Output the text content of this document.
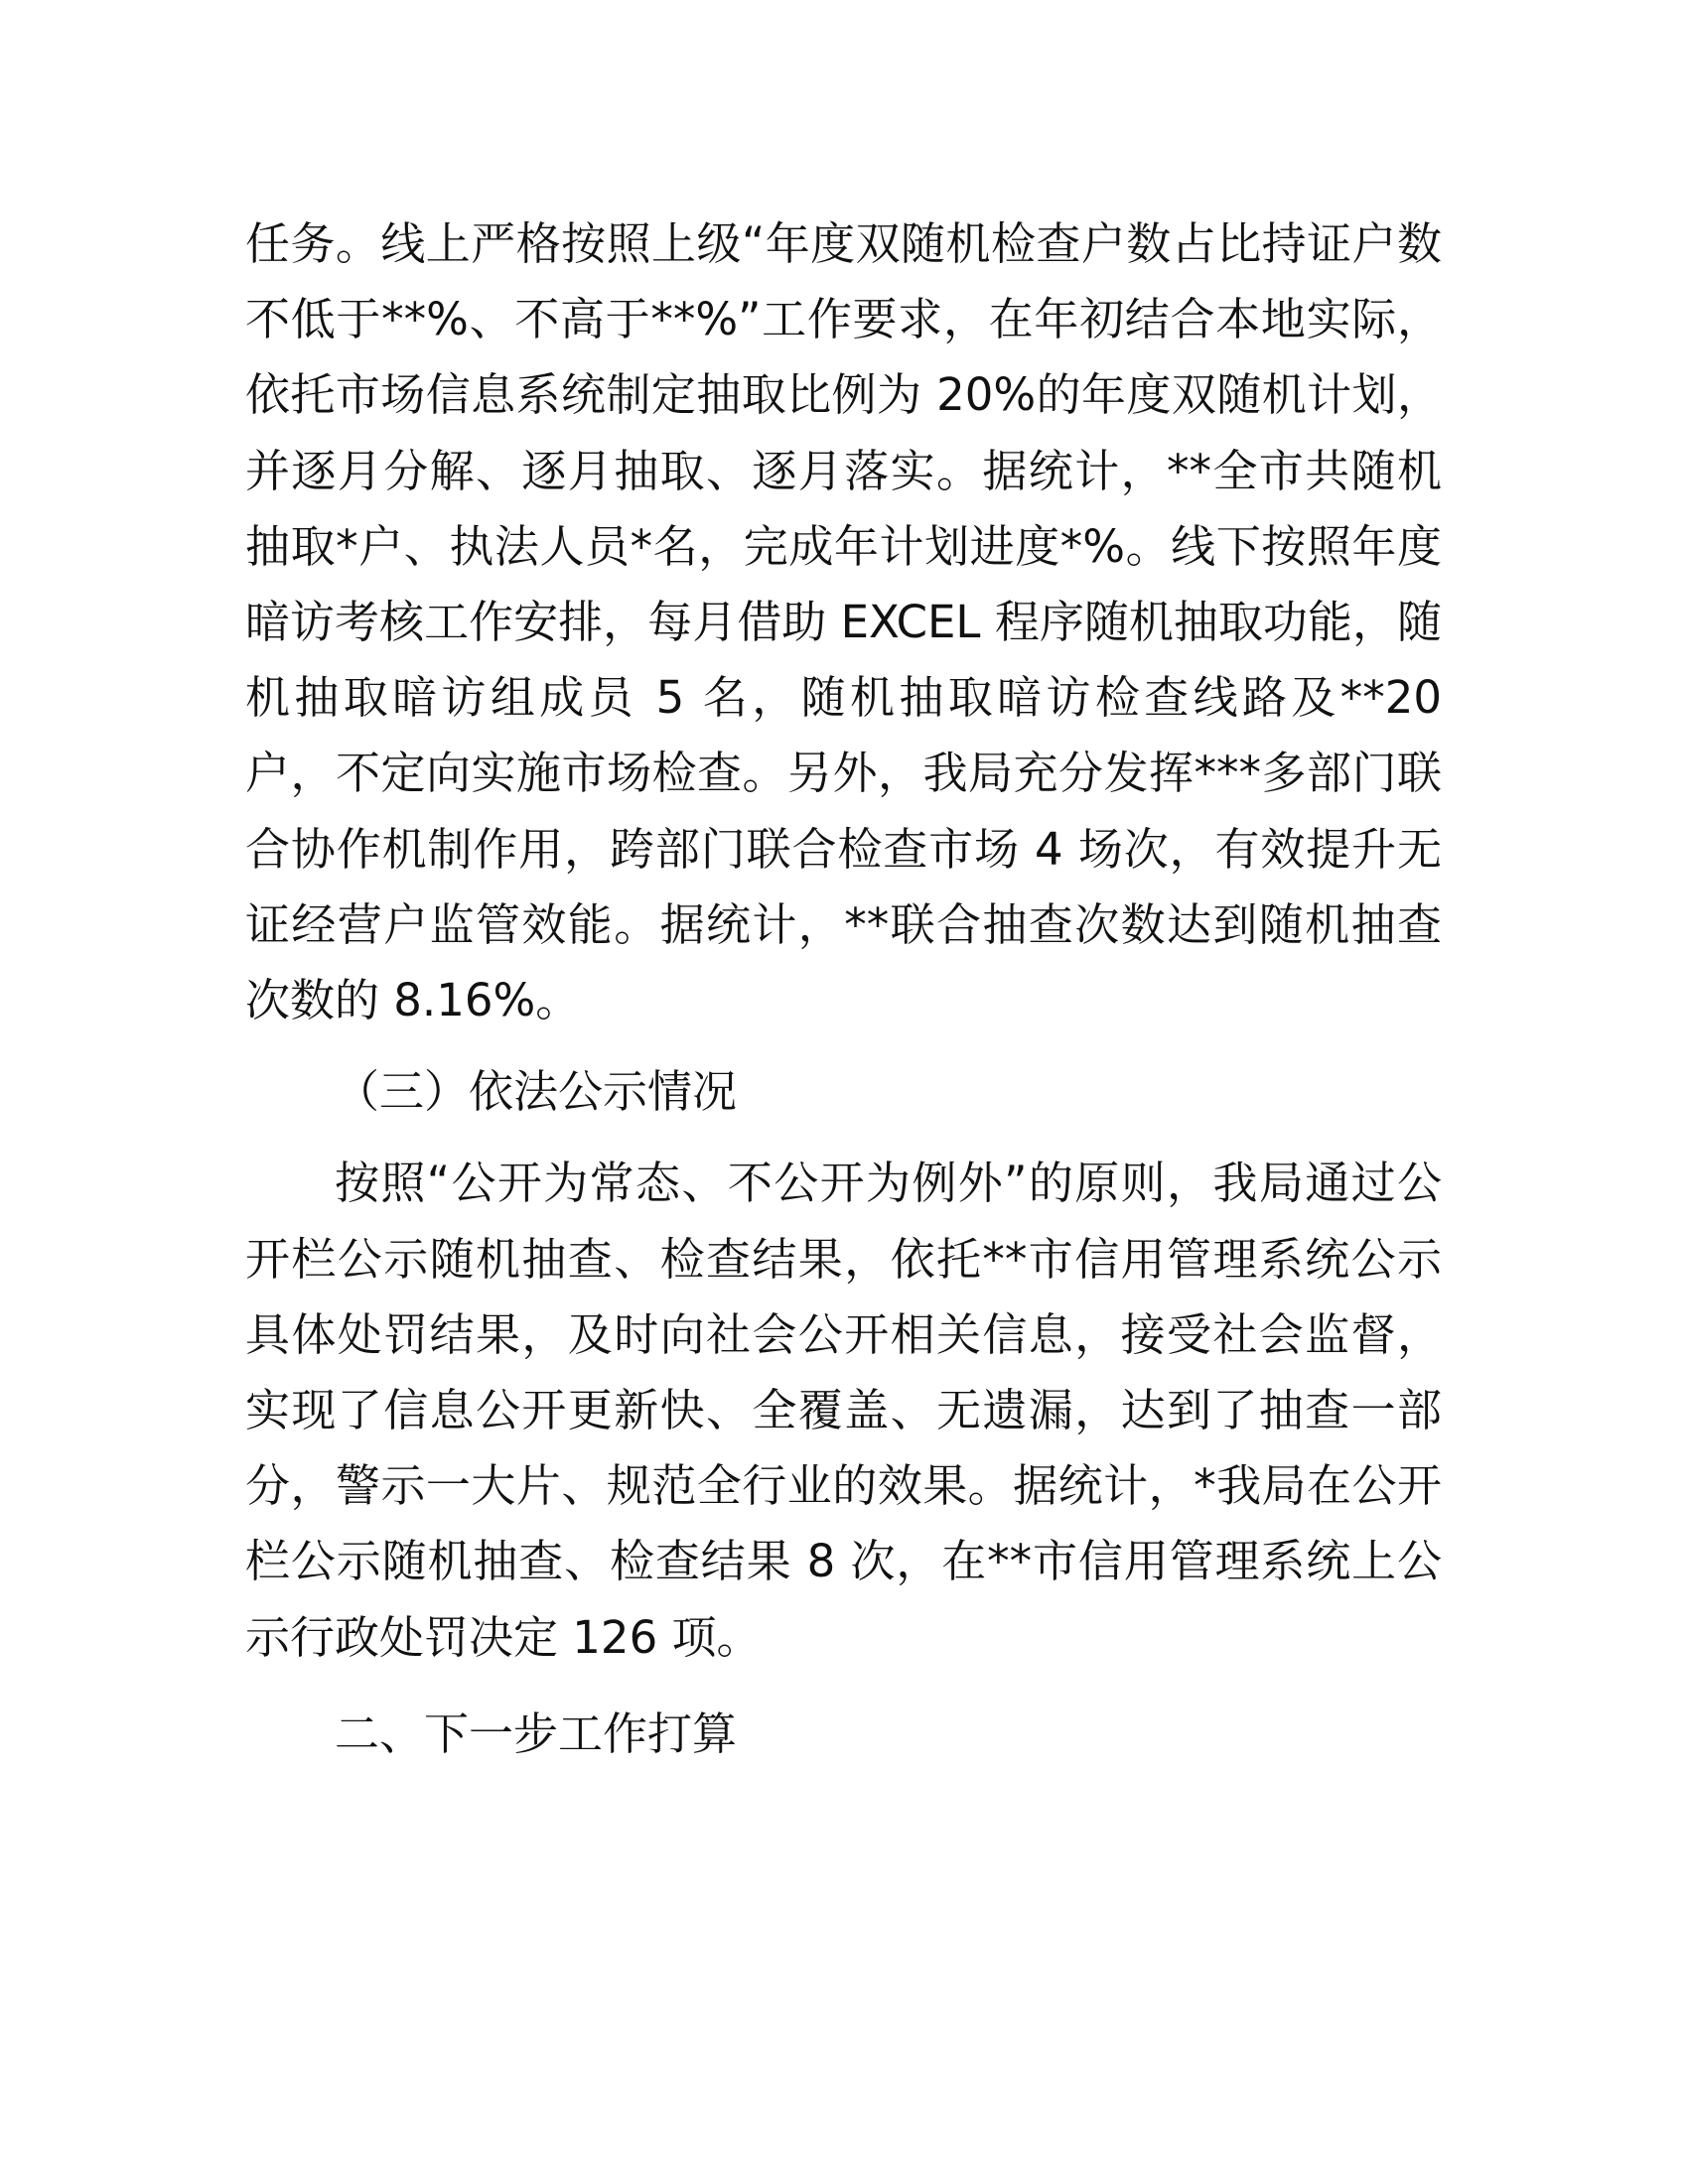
任务。线上严格按照上级“年度双随机检查户数占比持证户数不低于**%、不高于**%”工作要求，在年初结合本地实际，依托市场信息系统制定抽取比例为 20%的年度双随机计划，并逐月分解、逐月抽取、逐月落实。据统计，**全市共随机抽取*户、执法人员*名，完成年计划进度*%。线下按照年度暗访考核工作安排，每月借助 EXCEL 程序随机抽取功能，随机抽取暗访组成员 5 名，随机抽取暗访检查线路及**20 户，不定向实施市场检查。另外，我局充分发挥***多部门联合协作机制作用，跨部门联合检查市场 4 场次，有效提升无证经营户监管效能。据统计，**联合抽查次数达到随机抽查次数的 8.16%。

（三）依法公示情况

按照“公开为常态、不公开为例外”的原则，我局通过公开栏公示随机抽查、检查结果，依托**市信用管理系统公示具体处罚结果，及时向社会公开相关信息，接受社会监督，实现了信息公开更新快、全覆盖、无遗漏，达到了抽查一部分，警示一大片、规范全行业的效果。据统计，*我局在公开栏公示随机抽查、检查结果 8 次，在**市信用管理系统上公示行政处罚决定 126 项。

二、下一步工作打算
